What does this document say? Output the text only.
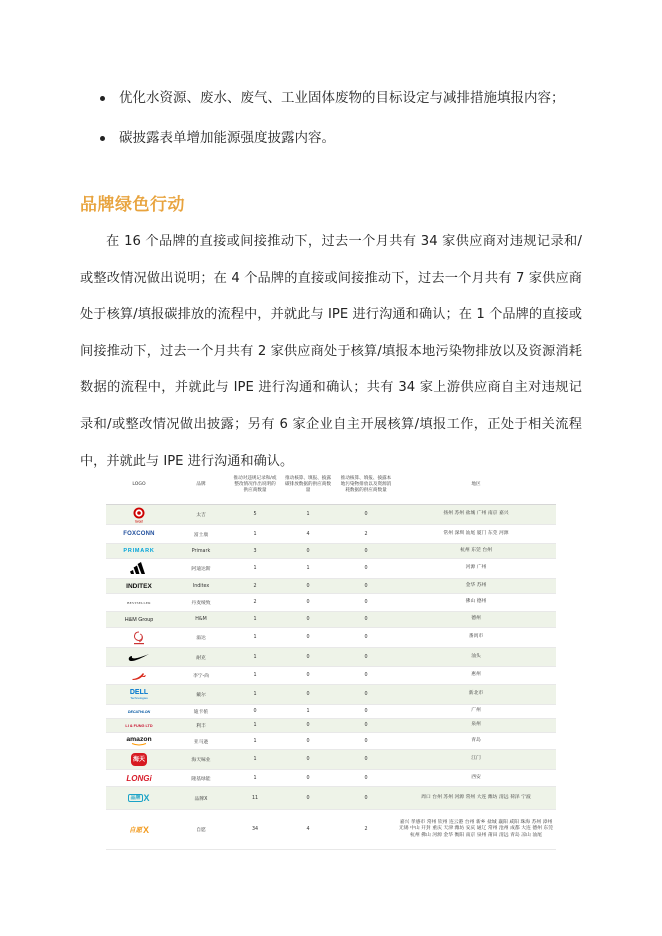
优化水资源、废水、废气、工业固体废物的目标设定与减排措施填报内容；
碳披露表单增加能源强度披露内容。
品牌绿色行动

在 16 个品牌的直接或间接推动下，过去一个月共有 34 家供应商对违规记录和/或整改情况做出说明；在 4 个品牌的直接或间接推动下，过去一个月共有 7 家供应商处于核算/填报碳排放的流程中，并就此与 IPE 进行沟通和确认；在 1 个品牌的直接或间接推动下，过去一个月共有 2 家供应商处于核算/填报本地污染物排放以及资源消耗数据的流程中，并就此与 IPE 进行沟通和确认；共有 34 家上游供应商自主对违规记录和/或整改情况做出披露；另有 6 家企业自主开展核算/填报工作，正处于相关流程中，并就此与 IPE 进行沟通和确认。

LOGO	品牌	推动对违规记录和/或整改情况作出说明的供应商数量	推动核算、填报、披露碳排放数据的供应商数量	推动核算、填报、披露本地污染物排放以及资源消耗数据的供应商数量	地区

target	太吉	5	1	0	扬州 苏州 盐城 广州 南京 嘉兴

FOXCONN	富士康	1	4	2	常州 深圳 汕尾 厦门 东莞 河源

PRIMARK	Primark	3	0	0	杭州 东莞 台州

	阿迪达斯	1	1	0	河源 广州

INDITEX	Inditex	2	0	0	金华 苏州

BESTSELLER	丹麦绫致	2	0	0	佛山 德州

H&M Group	H&M	1	0	0	德州

	溢达	1	0	0	番禺市

	耐克	1	0	0	汕头

	李宁-尚	1	0	0	惠州

DELL
Technologies	戴尔	1	0	0	新北市

DECATHLON	迪卡侬	0	1	0	广州

LI & FUNG LTD	利丰	1	0	0	泉州

amazon	亚马逊	1	0	0	青岛

海天	海天味业	1	0	0	江门

LONGi	隆基绿能	1	0	0	西安

品牌 X	品牌X	11	0	0	周口 台州 苏州 河源 常州 大连 潍坊 清远 荷泽 宁波

自愿 X	自愿	34	4	2	嘉兴 孝感市 常州 钦州 连云港 台州 新乡 盐城 襄阳 咸阳 珠海 苏州 漳州 无锡 中山 开封 重庆 天津 潍坊 安庆 通辽 常州 沧州 成都 大连 德州 东莞 杭州 佛山 河源 金华 衡阳 南京 泉州 莆田 清远 青岛 凉山 汕尾
